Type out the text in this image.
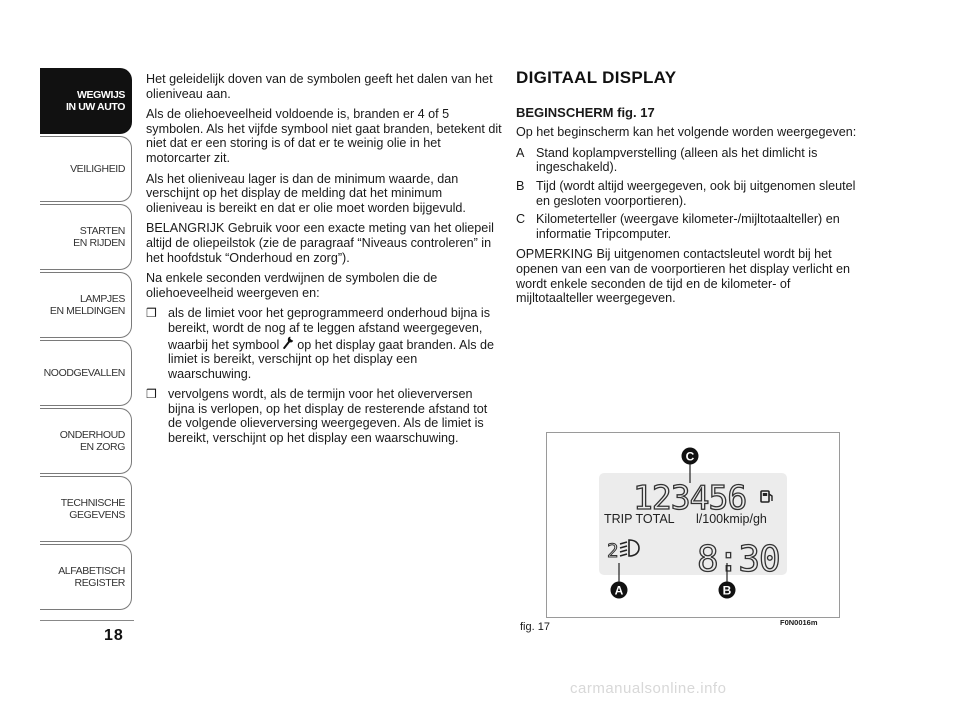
WEGWIJS
IN UW AUTO
VEILIGHEID
STARTEN
EN RIJDEN
LAMPJES
EN MELDINGEN
NOODGEVALLEN
ONDERHOUD
EN ZORG
TECHNISCHE
GEGEVENS
ALFABETISCH
REGISTER
18

Het geleidelijk doven van de symbolen geeft het dalen van het olieniveau aan.

Als de oliehoeveelheid voldoende is, branden er 4 of 5 symbolen. Als het vijfde symbool niet gaat branden, betekent dit niet dat er een storing is of dat er te weinig olie in het motorcarter zit.

Als het olieniveau lager is dan de minimum waarde, dan verschijnt op het display de melding dat het minimum olieniveau is bereikt en dat er olie moet worden bijgevuld.

BELANGRIJK Gebruik voor een exacte meting van het oliepeil altijd de oliepeilstok (zie de paragraaf “Niveaus controleren” in het hoofdstuk “Onderhoud en zorg”).

Na enkele seconden verdwijnen de symbolen die de oliehoeveelheid weergeven en:

❒ als de limiet voor het geprogrammeerd onderhoud bijna is bereikt, wordt de nog af te leggen afstand weergegeven, waarbij het symbool  op het display gaat branden. Als de limiet is bereikt, verschijnt op het display een waarschuwing.
❒ vervolgens wordt, als de termijn voor het olieverversen bijna is verlopen, op het display de resterende afstand tot de volgende olieverversing weergegeven. Als de limiet is bereikt, verschijnt op het display een waarschuwing.
DIGITAAL DISPLAY
BEGINSCHERM fig. 17

Op het beginscherm kan het volgende worden weergegeven:

A Stand koplampverstelling (alleen als het dimlicht is ingeschakeld).
B Tijd (wordt altijd weergegeven, ook bij uitgenomen sleutel en gesloten voorportieren).
C Kilometerteller (weergave kilometer-/mijltotaalteller) en informatie Tripcomputer.

OPMERKING Bij uitgenomen contactsleutel wordt bij het openen van een van de voorportieren het display verlicht en wordt enkele seconden de tijd en de kilometer- of mijltotaalteller weergegeven.

123456
TRIP TOTAL l/100kmip/gh
2 8:30
C
A	B
fig. 17	F0N0016m
carmanualsonline.info
